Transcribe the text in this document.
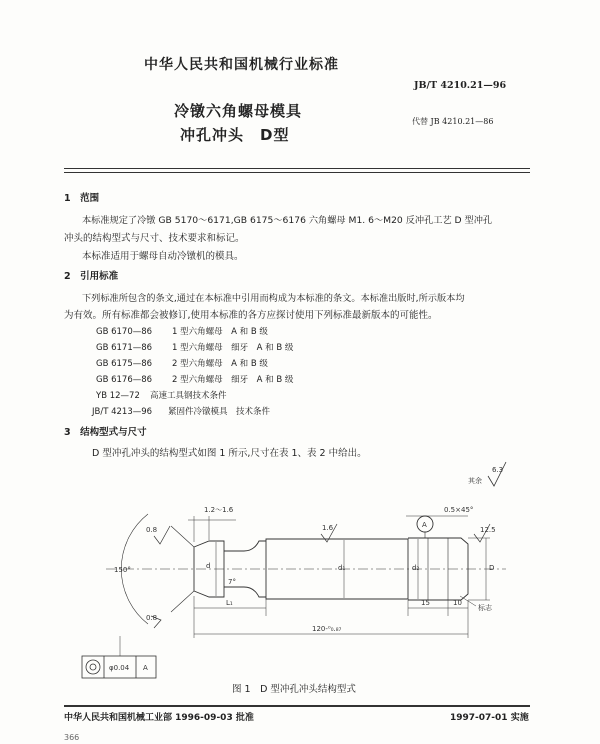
中华人民共和国机械行业标准
JB/T 4210.21—96
冷镦六角螺母模具
代替 JB 4210.21—86
冲孔冲头　D型
1　范围
本标准规定了冷镦 GB 5170～6171,GB 6175～6176 六角螺母 M1. 6～M20 反冲孔工艺 D 型冲孔
冲头的结构型式与尺寸、技术要求和标记。
本标准适用于螺母自动冷镦机的模具。
2　引用标准
下列标准所包含的条文,通过在本标准中引用而构成为本标准的条文。本标准出版时,所示版本均
为有效。所有标准都会被修订,使用本标准的各方应探讨使用下列标准最新版本的可能性。
GB 6170—86 1 型六角螺母　A 和 B 级
GB 6171—86 1 型六角螺母　细牙　A 和 B 级
GB 6175—86 2 型六角螺母　A 和 B 级
GB 6176—86 2 型六角螺母　细牙　A 和 B 级
YB 12—72 高速工具钢技术条件
JB/T 4213—96 紧固件冷镦模具　技术条件
3　结构型式与尺寸
D 型冲孔冲头的结构型式如图 1 所示,尺寸在表 1、表 2 中给出。
6.3
其余
1.2～1.6	0.5×45°
0.8	1.6	12.5
0.8
A
150°
7°
d	d₁	d₂	D
L₁	15	10
120-⁰₀.₈₇
标志
φ0.04 A
图 1　D 型冲孔冲头结构型式
中华人民共和国机械工业部 1996-09-03 批准	1997-07-01 实施
366
